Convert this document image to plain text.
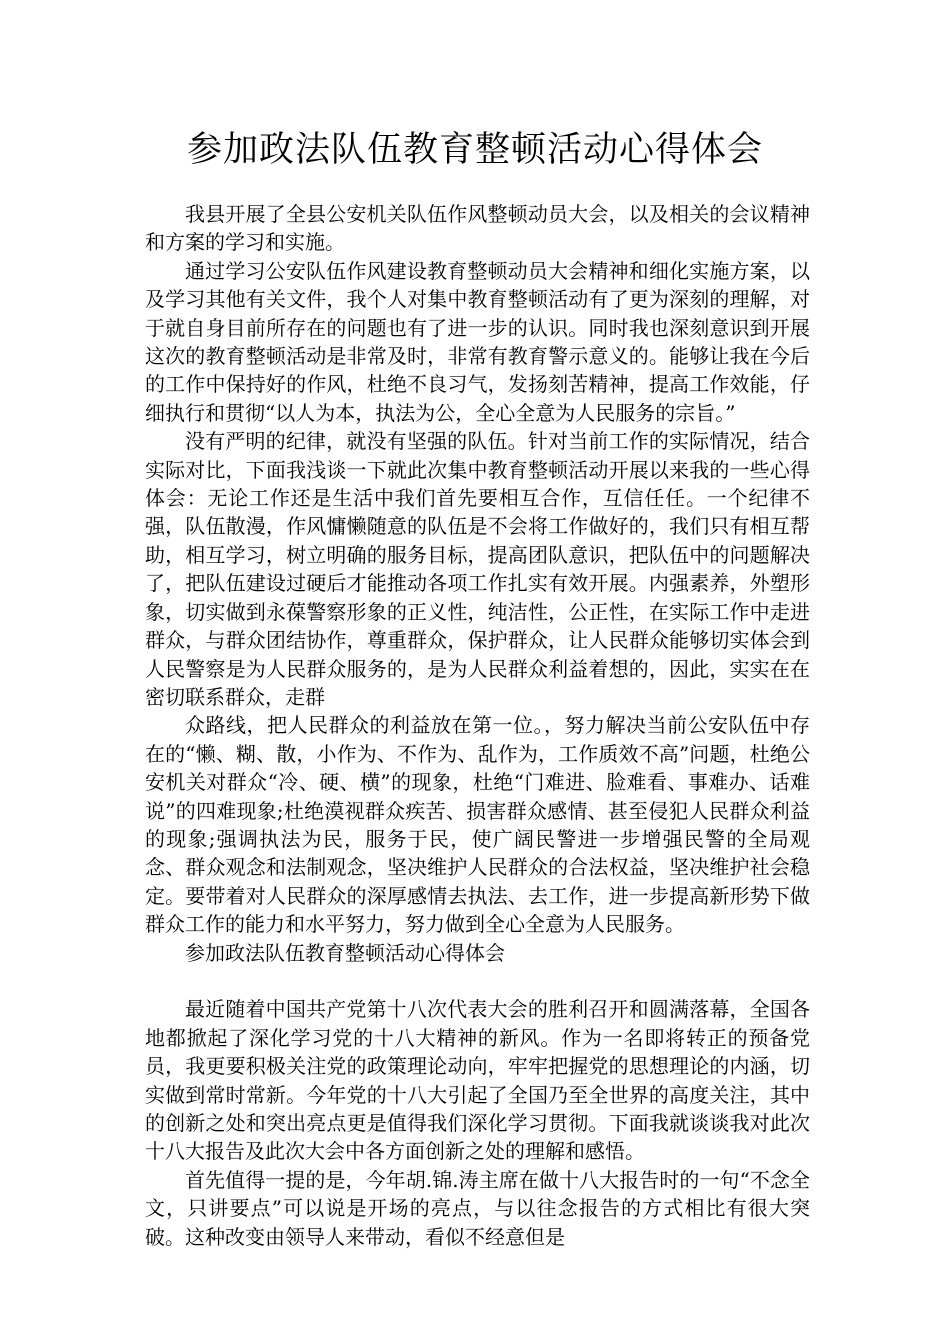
参加政法队伍教育整顿活动心得体会

我县开展了全县公安机关队伍作风整顿动员大会，以及相关的会议精神和方案的学习和实施。

通过学习公安队伍作风建设教育整顿动员大会精神和细化实施方案，以及学习其他有关文件，我个人对集中教育整顿活动有了更为深刻的理解，对于就自身目前所存在的问题也有了进一步的认识。同时我也深刻意识到开展这次的教育整顿活动是非常及时，非常有教育警示意义的。能够让我在今后的工作中保持好的作风，杜绝不良习气，发扬刻苦精神，提高工作效能，仔细执行和贯彻“以人为本，执法为公，全心全意为人民服务的宗旨。”

没有严明的纪律，就没有坚强的队伍。针对当前工作的实际情况，结合实际对比，下面我浅谈一下就此次集中教育整顿活动开展以来我的一些心得体会：无论工作还是生活中我们首先要相互合作，互信任任。一个纪律不强，队伍散漫，作风慵懒随意的队伍是不会将工作做好的，我们只有相互帮助，相互学习，树立明确的服务目标，提高团队意识，把队伍中的问题解决了，把队伍建设过硬后才能推动各项工作扎实有效开展。内强素养，外塑形象，切实做到永葆警察形象的正义性，纯洁性，公正性，在实际工作中走进群众，与群众团结协作，尊重群众，保护群众，让人民群众能够切实体会到人民警察是为人民群众服务的，是为人民群众利益着想的，因此，实实在在密切联系群众，走群

众路线，把人民群众的利益放在第一位。，努力解决当前公安队伍中存在的“懒、糊、散，小作为、不作为、乱作为，工作质效不高”问题，杜绝公安机关对群众“冷、硬、横”的现象，杜绝“门难进、脸难看、事难办、话难说”的四难现象;杜绝漠视群众疾苦、损害群众感情、甚至侵犯人民群众利益的现象;强调执法为民，服务于民，使广阔民警进一步增强民警的全局观念、群众观念和法制观念，坚决维护人民群众的合法权益，坚决维护社会稳定。要带着对人民群众的深厚感情去执法、去工作，进一步提高新形势下做群众工作的能力和水平努力，努力做到全心全意为人民服务。

参加政法队伍教育整顿活动心得体会

最近随着中国共产党第十八次代表大会的胜利召开和圆满落幕，全国各地都掀起了深化学习党的十八大精神的新风。作为一名即将转正的预备党员，我更要积极关注党的政策理论动向，牢牢把握党的思想理论的内涵，切实做到常时常新。今年党的十八大引起了全国乃至全世界的高度关注，其中的创新之处和突出亮点更是值得我们深化学习贯彻。下面我就谈谈我对此次十八大报告及此次大会中各方面创新之处的理解和感悟。

首先值得一提的是，今年胡.锦.涛主席在做十八大报告时的一句“不念全文，只讲要点”可以说是开场的亮点，与以往念报告的方式相比有很大突破。这种改变由领导人来带动，看似不经意但是
